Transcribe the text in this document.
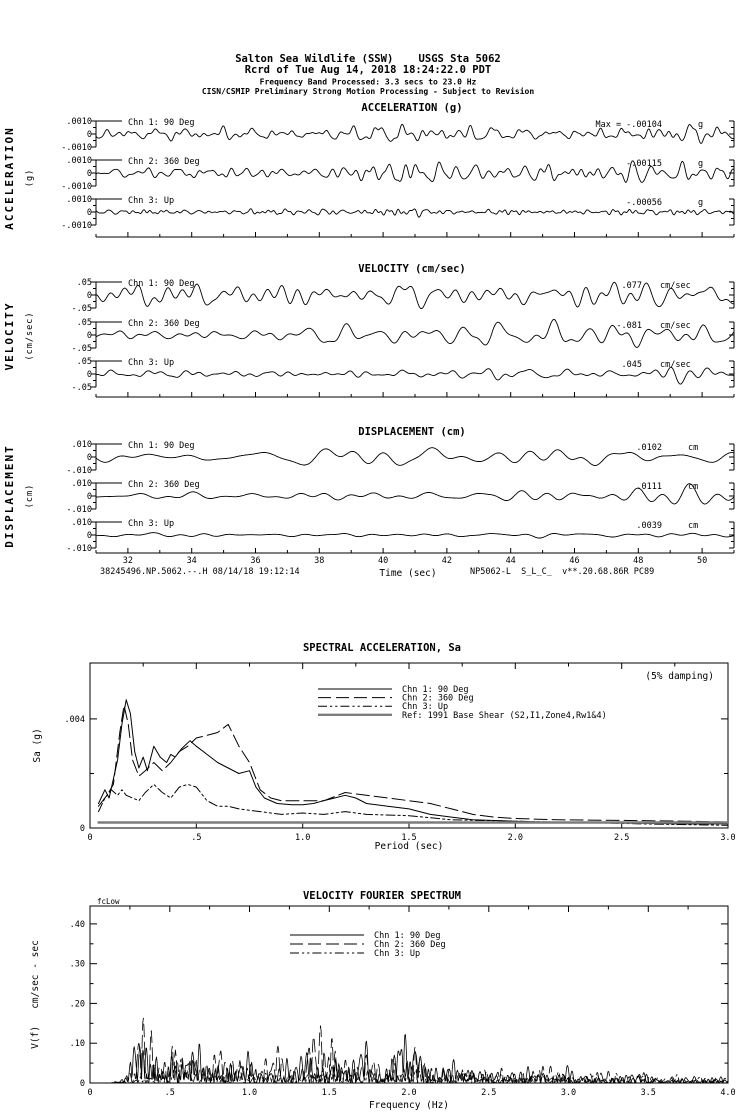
Salton Sea Wildlife (SSW)    USGS Sta 5062
Rcrd of Tue Aug 14, 2018 18:24:22.0 PDT
Frequency Band Processed: 3.3 secs to 23.0 Hz
CISN/CSMIP Preliminary Strong Motion Processing - Subject to Revision
ACCELERATION (g)
ACCELERATION (g)
.0010
0
-.0010
Chn 1: 90 Deg	Max = -.00104	g
.0010
0
-.0010
Chn 2: 360 Deg	-.00115	g
.0010
0
-.0010
Chn 3: Up	-.00056	g
VELOCITY (cm/sec)
VELOCITY (cm/sec)
.05
0
-.05
Chn 1: 90 Deg	.077 cm/sec
.05
0
-.05
Chn 2: 360 Deg	-.081 cm/sec
.05
0
-.05
Chn 3: Up	.045 cm/sec
DISPLACEMENT (cm)
DISPLACEMENT (cm)
.010
0
-.010
Chn 1: 90 Deg	.0102	cm
.010
0
-.010
Chn 2: 360 Deg	.0111	cm
.010
0
-.010
Chn 3: Up	.0039	cm
32	34	36	38	40	42	44	46	48	50
Time (sec)
38245496.NP.5062.--.H 08/14/18 19:12:14	NP5062-L  S_L_C_  v**.20.68.86R PC89
SPECTRAL ACCELERATION, Sa
0	.5	1.0	1.5	2.0	2.5	3.0
0
.004
Period (sec)
Sa (g)
(5% damping)
Chn 1: 90 Deg
Chn 2: 360 Deg
Chn 3: Up
Ref: 1991 Base Shear (S2,I1,Zone4,Rw1&4)
VELOCITY FOURIER SPECTRUM
0	.5	1.0	1.5	2.0	2.5	3.0	3.5	4.0
0
.10
.20
.30
.40
Frequency (Hz)
V(f)   cm/sec - sec
fcLow
Chn 1: 90 Deg
Chn 2: 360 Deg
Chn 3: Up
